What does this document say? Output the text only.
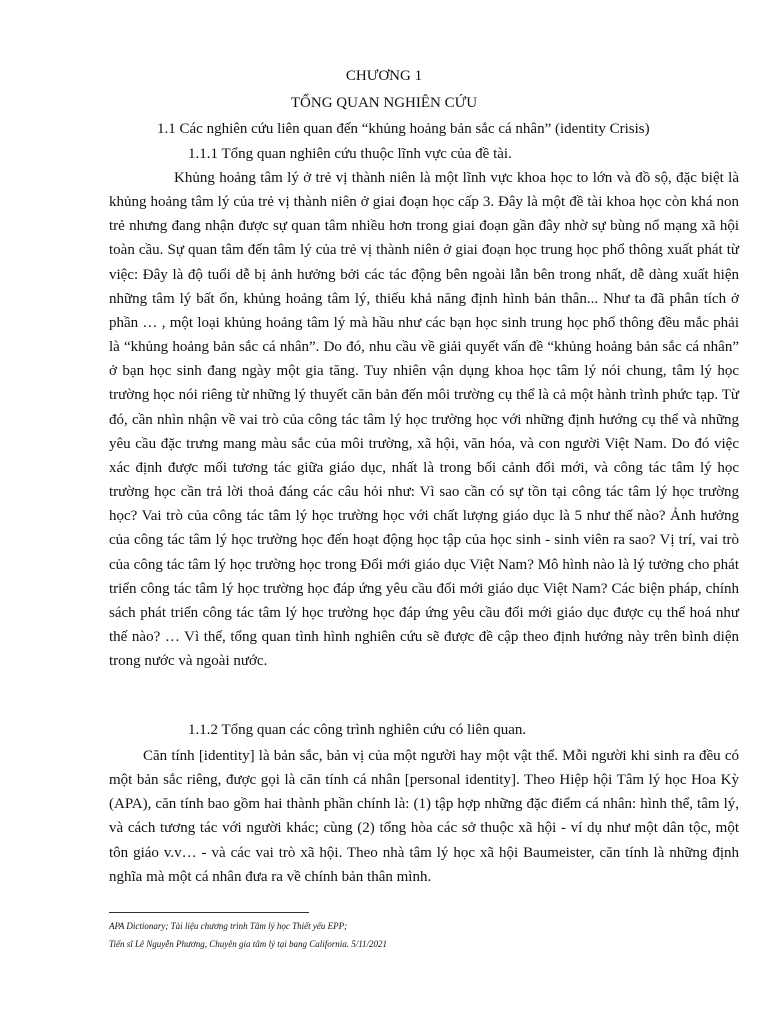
CHƯƠNG 1
TỔNG QUAN NGHIÊN CỨU
1.1 Các nghiên cứu liên quan đến “khủng hoảng bản sắc cá nhân” (identity Crisis)
1.1.1 Tổng quan nghiên cứu thuộc lĩnh vực của đề tài.

Khủng hoảng tâm lý ở trẻ vị thành niên là một lĩnh vực khoa học to lớn và đồ sộ, đặc biệt là khủng hoảng tâm lý của trẻ vị thành niên ở giai đoạn học cấp 3. Đây là một đề tài khoa học còn khá non trẻ nhưng đang nhận được sự quan tâm nhiều hơn trong giai đoạn gần đây nhờ sự bùng nổ mạng xã hội toàn cầu. Sự quan tâm đến tâm lý của trẻ vị thành niên ở giai đoạn học trung học phổ thông xuất phát từ việc: Đây là độ tuổi dễ bị ảnh hưởng bởi các tác động bên ngoài lẫn bên trong nhất, dễ dàng xuất hiện những tâm lý bất ổn, khủng hoảng tâm lý, thiếu khả năng định hình bản thân... Như ta đã phân tích ở phần … , một loại khủng hoảng tâm lý mà hầu như các bạn học sinh trung học phổ thông đều mắc phải là “khủng hoảng bản sắc cá nhân”. Do đó, nhu cầu về giải quyết vấn đề “khủng hoảng bản sắc cá nhân” ở bạn học sinh đang ngày một gia tăng. Tuy nhiên vận dụng khoa học tâm lý nói chung, tâm lý học trường học nói riêng từ những lý thuyết căn bản đến môi trường cụ thể là cả một hành trình phức tạp. Từ đó, cần nhìn nhận về vai trò của công tác tâm lý học trường học với những định hướng cụ thể và những yêu cầu đặc trưng mang màu sắc của môi trường, xã hội, văn hóa, và con người Việt Nam. Do đó việc xác định được mối tương tác giữa giáo dục, nhất là trong bối cảnh đổi mới, và công tác tâm lý học trường học cần trả lời thoả đáng các câu hỏi như: Vì sao cần có sự tồn tại công tác tâm lý học trường học? Vai trò của công tác tâm lý học trường học với chất lượng giáo dục là 5 như thế nào? Ảnh hưởng của công tác tâm lý học trường học đến hoạt động học tập của học sinh - sinh viên ra sao? Vị trí, vai trò của công tác tâm lý học trường học trong Đổi mới giáo dục Việt Nam? Mô hình nào là lý tưởng cho phát triển công tác tâm lý học trường học đáp ứng yêu cầu đổi mới giáo dục Việt Nam? Các biện pháp, chính sách phát triển công tác tâm lý học trường học đáp ứng yêu cầu đổi mới giáo dục được cụ thể hoá như thế nào? … Vì thế, tổng quan tình hình nghiên cứu sẽ được đề cập theo định hướng này trên bình diện trong nước và ngoài nước.

1.1.2 Tổng quan các công trình nghiên cứu có liên quan.

Căn tính [identity] là bản sắc, bản vị của một người hay một vật thể. Mỗi người khi sinh ra đều có một bản sắc riêng, được gọi là căn tính cá nhân [personal identity]. Theo Hiệp hội Tâm lý học Hoa Kỳ (APA), căn tính bao gồm hai thành phần chính là: (1) tập hợp những đặc điểm cá nhân: hình thể, tâm lý, và cách tương tác với người khác; cùng (2) tổng hòa các sở thuộc xã hội - ví dụ như một dân tộc, một tôn giáo v.v… - và các vai trò xã hội. Theo nhà tâm lý học xã hội Baumeister, căn tính là những định nghĩa mà một cá nhân đưa ra về chính bản thân mình.

APA Dictionary; Tài liệu chương trình Tâm lý học Thiết yếu EPP;
Tiến sĩ Lê Nguyễn Phương, Chuyên gia tâm lý tại bang California. 5/11/2021
